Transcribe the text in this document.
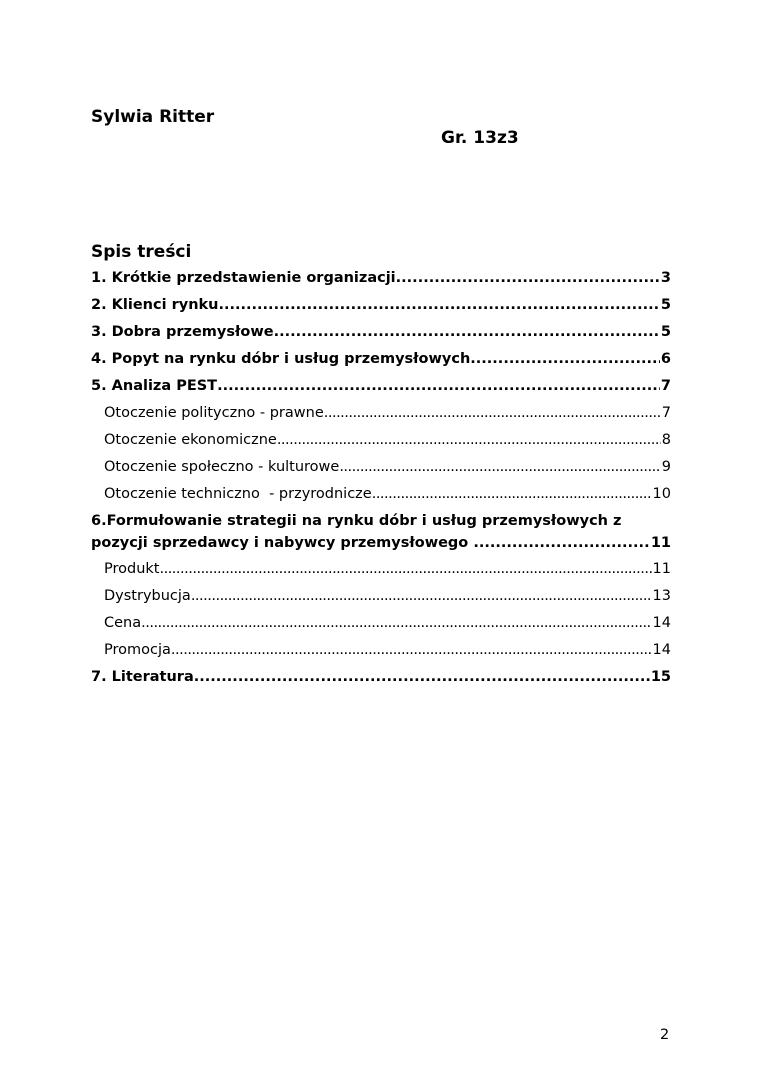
Sylwia Ritter
Gr. 13z3
Spis treści
1. Krótkie przedstawienie organizacji .....	3
2. Klienci rynku .....	5
3. Dobra przemysłowe .....	5
4. Popyt na rynku dóbr i usług przemysłowych .....	6
5. Analiza PEST .....	7
Otoczenie polityczno - prawne .....	7
Otoczenie ekonomiczne .....	8
Otoczenie społeczno - kulturowe .....	9
Otoczenie techniczno  - przyrodnicze .....	10
6.Formułowanie strategii na rynku dóbr i usług przemysłowych z
pozycji sprzedawcy i nabywcy przemysłowego .....	11
Produkt .....	11
Dystrybucja .....	13
Cena .....	14
Promocja .....	14
7. Literatura .....	15
2
